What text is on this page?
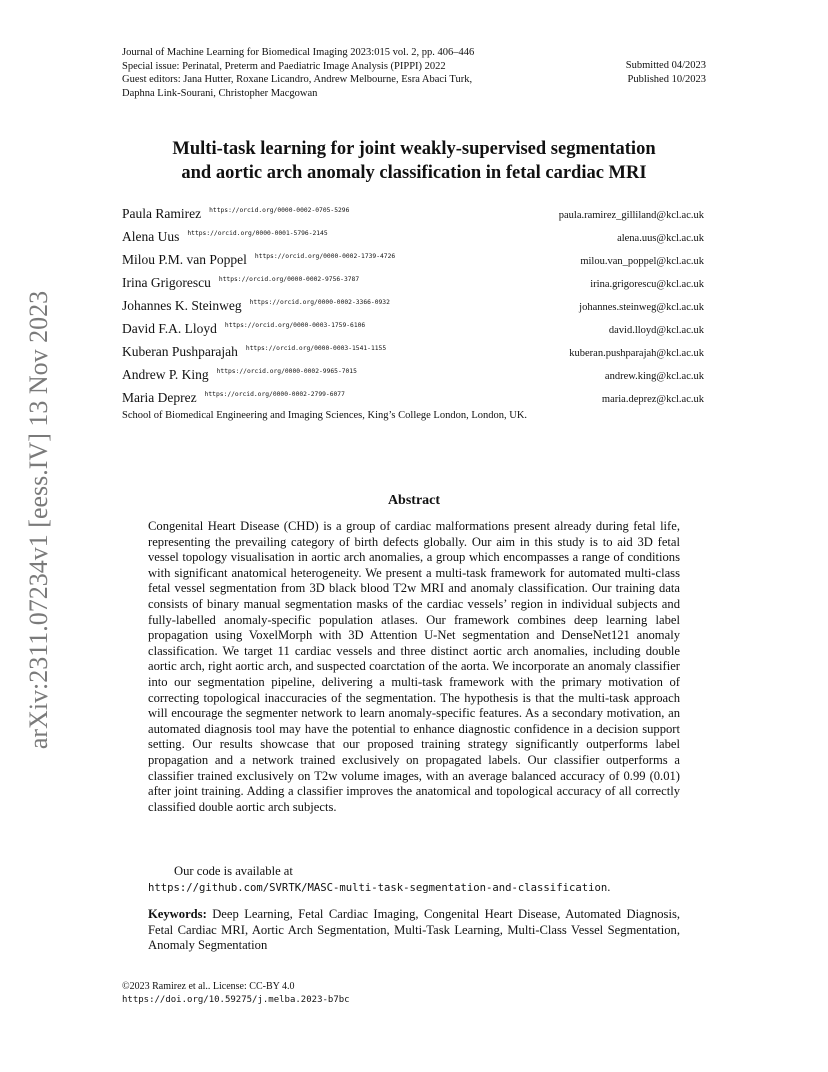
arXiv:2311.07234v1 [eess.IV] 13 Nov 2023
Journal of Machine Learning for Biomedical Imaging 2023:015 vol. 2, pp. 406–446
Special issue: Perinatal, Preterm and Paediatric Image Analysis (PIPPI) 2022
Guest editors: Jana Hutter, Roxane Licandro, Andrew Melbourne, Esra Abaci Turk,
Daphna Link-Sourani, Christopher Macgowan
Submitted 04/2023
Published 10/2023
Multi-task learning for joint weakly-supervised segmentation
and aortic arch anomaly classification in fetal cardiac MRI
Paula Ramirez https://orcid.org/0000-0002-0705-5296	paula.ramirez_gilliland@kcl.ac.uk
Alena Uus https://orcid.org/0000-0001-5796-2145	alena.uus@kcl.ac.uk
Milou P.M. van Poppel https://orcid.org/0000-0002-1739-4726	milou.van_poppel@kcl.ac.uk
Irina Grigorescu https://orcid.org/0000-0002-9756-3787	irina.grigorescu@kcl.ac.uk
Johannes K. Steinweg https://orcid.org/0000-0002-3366-0932	johannes.steinweg@kcl.ac.uk
David F.A. Lloyd https://orcid.org/0000-0003-1759-6106	david.lloyd@kcl.ac.uk
Kuberan Pushparajah https://orcid.org/0000-0003-1541-1155	kuberan.pushparajah@kcl.ac.uk
Andrew P. King https://orcid.org/0000-0002-9965-7015	andrew.king@kcl.ac.uk
Maria Deprez https://orcid.org/0000-0002-2799-6077	maria.deprez@kcl.ac.uk
School of Biomedical Engineering and Imaging Sciences, King’s College London, London, UK.
Abstract

Congenital Heart Disease (CHD) is a group of cardiac malformations present already during fetal life, representing the prevailing category of birth defects globally. Our aim in this study is to aid 3D fetal vessel topology visualisation in aortic arch anomalies, a group which encompasses a range of conditions with significant anatomical heterogeneity. We present a multi-task framework for automated multi-class fetal vessel segmentation from 3D black blood T2w MRI and anomaly classification. Our training data consists of binary manual segmentation masks of the cardiac vessels’ region in individual subjects and fully-labelled anomaly-specific population atlases. Our framework combines deep learning label propagation using VoxelMorph with 3D Attention U-Net segmentation and DenseNet121 anomaly classification. We target 11 cardiac vessels and three distinct aortic arch anomalies, including double aortic arch, right aortic arch, and suspected coarctation of the aorta. We incorporate an anomaly classifier into our segmentation pipeline, delivering a multi-task framework with the primary motivation of correcting topological inaccuracies of the segmentation. The hypothesis is that the multi-task approach will encourage the segmenter network to learn anomaly-specific features. As a secondary motivation, an automated diagnosis tool may have the potential to enhance diagnostic confidence in a decision support setting. Our results showcase that our proposed training strategy significantly outperforms label propagation and a network trained exclusively on propagated labels. Our classifier outperforms a classifier trained exclusively on T2w volume images, with an average balanced accuracy of 0.99 (0.01) after joint training. Adding a classifier improves the anatomical and topological accuracy of all correctly classified double aortic arch subjects.

Our code is available at
https://github.com/SVRTK/MASC-multi-task-segmentation-and-classification.

Keywords: Deep Learning, Fetal Cardiac Imaging, Congenital Heart Disease, Automated Diagnosis, Fetal Cardiac MRI, Aortic Arch Segmentation, Multi-Task Learning, Multi-Class Vessel Segmentation, Anomaly Segmentation

©2023 Ramirez et al.. License: CC-BY 4.0
https://doi.org/10.59275/j.melba.2023-b7bc
